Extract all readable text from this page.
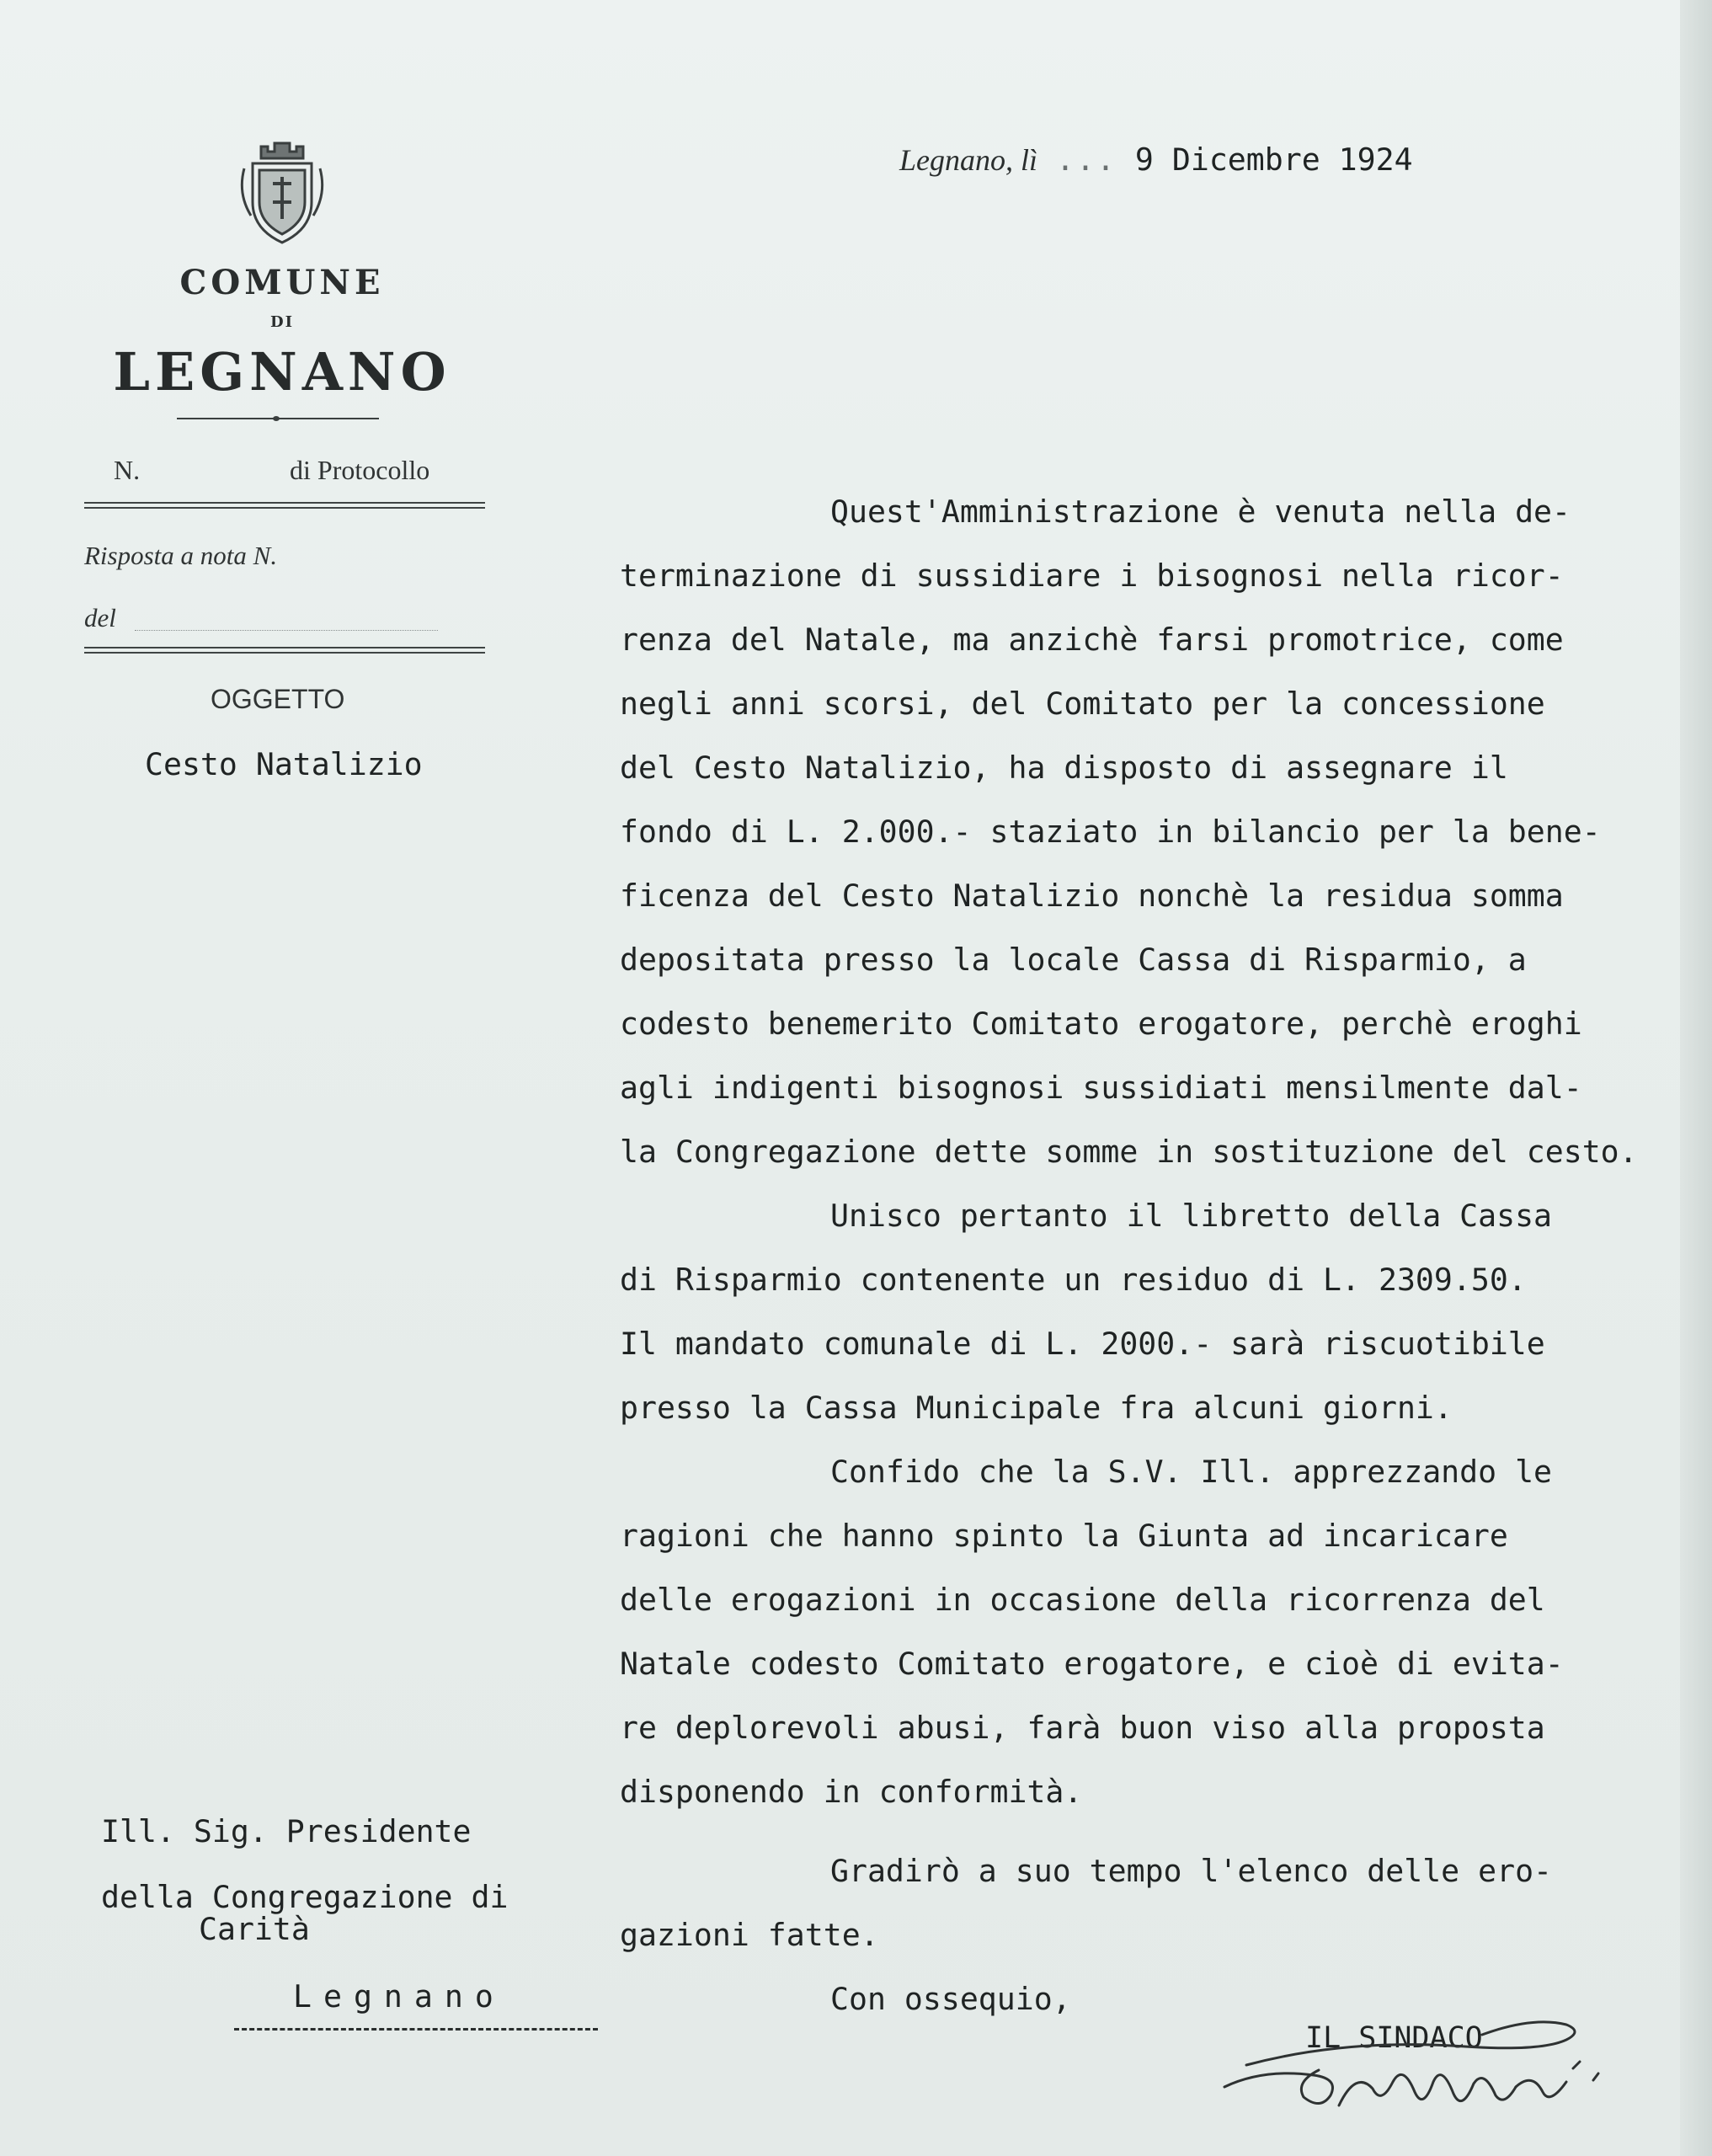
COMUNE
DI
LEGNANO
N.	di Protocollo
Risposta a nota N.
del
OGGETTO
Cesto Natalizio
Legnano, lì ... 9 Dicembre 1924
Quest'Amministrazione è venuta nella de-
terminazione di sussidiare i bisognosi nella ricor-
renza del Natale, ma anzichè farsi promotrice, come
negli anni scorsi, del Comitato per la concessione
del Cesto Natalizio, ha disposto di assegnare il
fondo di L. 2.000.- staziato in bilancio per la bene-
ficenza del Cesto Natalizio nonchè la residua somma
depositata presso la locale Cassa di Risparmio, a
codesto benemerito Comitato erogatore, perchè eroghi
agli indigenti bisognosi sussidiati mensilmente dal-
la Congregazione dette somme in sostituzione del cesto.
Unisco pertanto il libretto della Cassa
di Risparmio contenente un residuo di L. 2309.50.
Il mandato comunale di L. 2000.- sarà riscuotibile
presso la Cassa Municipale fra alcuni giorni.
Confido che la S.V. Ill. apprezzando le
ragioni che hanno spinto la Giunta ad incaricare
delle erogazioni in occasione della ricorrenza del
Natale codesto Comitato erogatore, e cioè di evita-
re deplorevoli abusi, farà buon viso alla proposta
disponendo in conformità.
Gradirò a suo tempo l'elenco delle ero-
gazioni fatte.
Con ossequio,
Ill. Sig. Presidente
della Congregazione di
Carità
Legnano
IL SINDACO
